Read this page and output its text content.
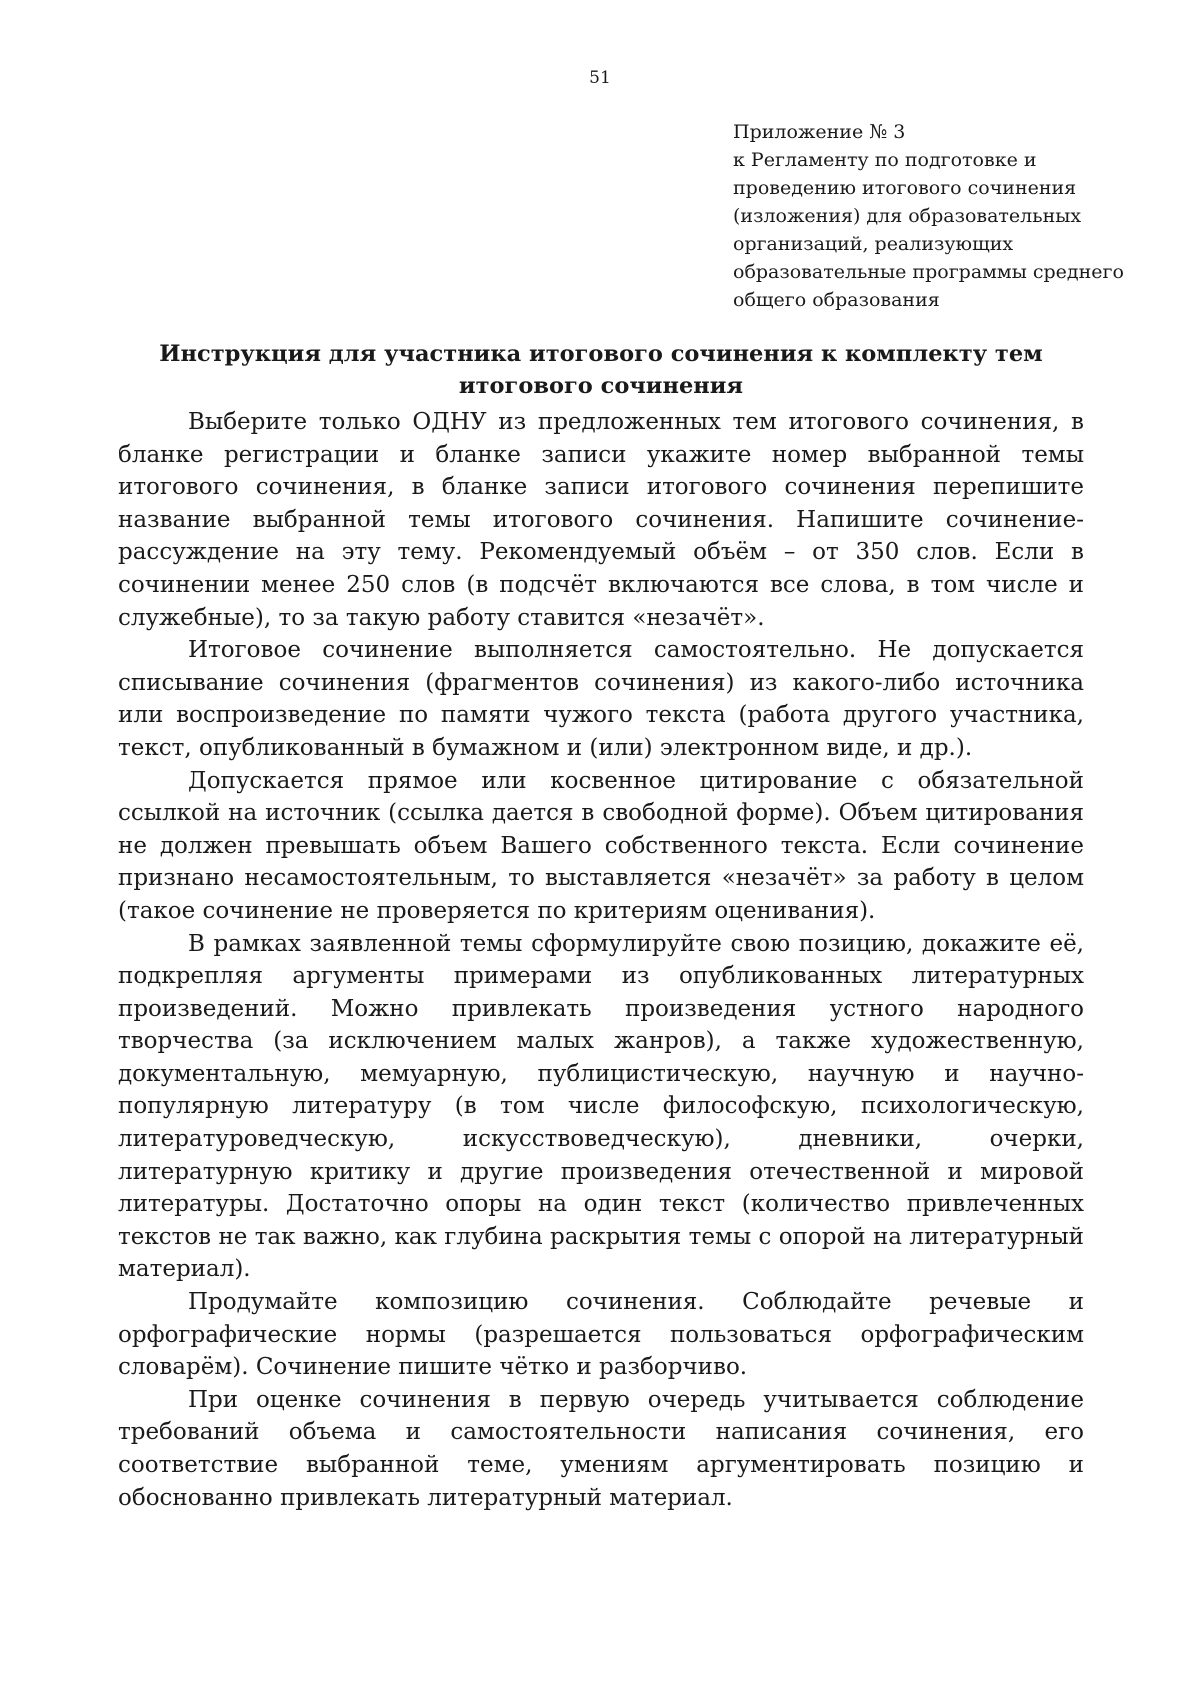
51
Приложение № 3
к Регламенту по подготовке и
проведению итогового сочинения
(изложения) для образовательных
организаций, реализующих
образовательные программы среднего
общего образования
Инструкция для участника итогового сочинения к комплекту тем итогового сочинения

Выберите только ОДНУ из предложенных тем итогового сочинения, в бланке регистрации и бланке записи укажите номер выбранной темы итогового сочинения, в бланке записи итогового сочинения перепишите название выбранной темы итогового сочинения. Напишите сочинение-рассуждение на эту тему. Рекомендуемый объём – от 350 слов. Если в сочинении менее 250 слов (в подсчёт включаются все слова, в том числе и служебные), то за такую работу ставится «незачёт».

Итоговое сочинение выполняется самостоятельно. Не допускается списывание сочинения (фрагментов сочинения) из какого-либо источника или воспроизведение по памяти чужого текста (работа другого участника, текст, опубликованный в бумажном и (или) электронном виде, и др.).

Допускается прямое или косвенное цитирование с обязательной ссылкой на источник (ссылка дается в свободной форме). Объем цитирования не должен превышать объем Вашего собственного текста. Если сочинение признано несамостоятельным, то выставляется «незачёт» за работу в целом (такое сочинение не проверяется по критериям оценивания).

В рамках заявленной темы сформулируйте свою позицию, докажите её, подкрепляя аргументы примерами из опубликованных литературных произведений. Можно привлекать произведения устного народного творчества (за исключением малых жанров), а также художественную, документальную, мемуарную, публицистическую, научную и научно-популярную литературу (в том числе философскую, психологическую, литературоведческую, искусствоведческую), дневники, очерки, литературную критику и другие произведения отечественной и мировой литературы. Достаточно опоры на один текст (количество привлеченных текстов не так важно, как глубина раскрытия темы с опорой на литературный материал).

Продумайте композицию сочинения. Соблюдайте речевые и орфографические нормы (разрешается пользоваться орфографическим словарём). Сочинение пишите чётко и разборчиво.

При оценке сочинения в первую очередь учитывается соблюдение требований объема и самостоятельности написания сочинения, его соответствие выбранной теме, умениям аргументировать позицию и обоснованно привлекать литературный материал.
